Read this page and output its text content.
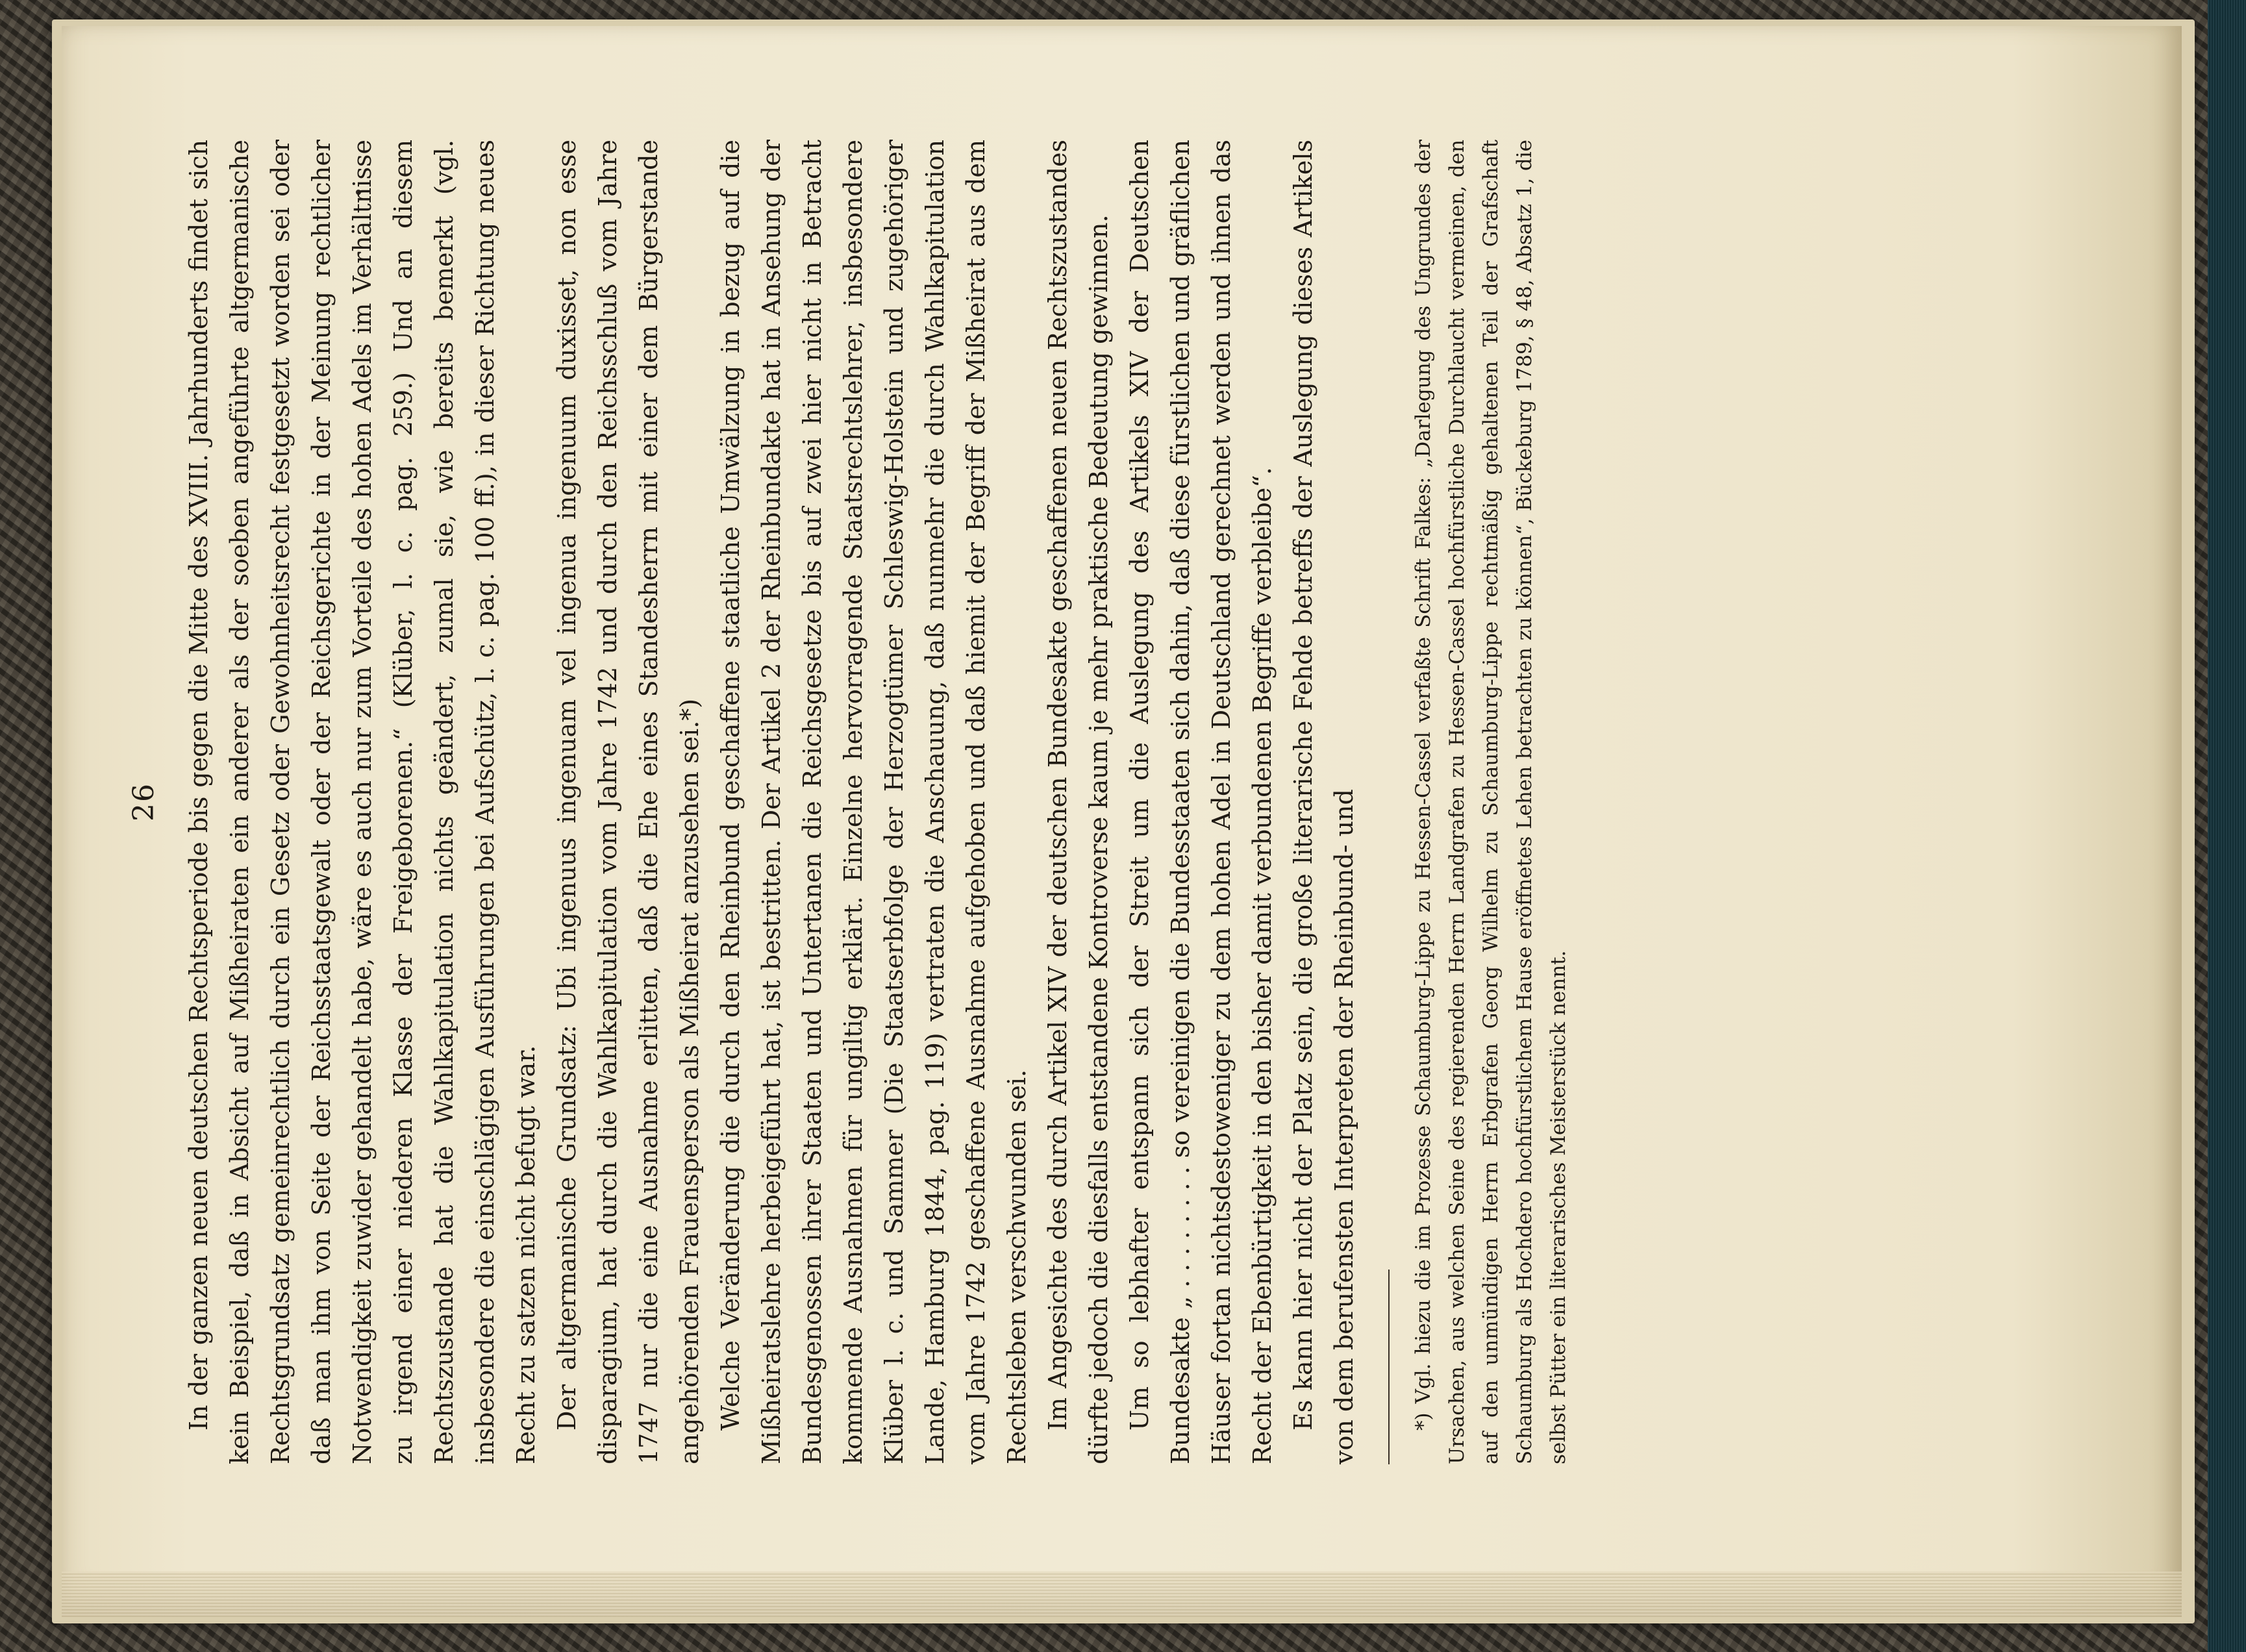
26 In der ganzen neuen deutschen Rechtsperiode bis gegen die Mitte des XVIII. Jahrhunderts findet sich kein Beispiel, daß in Absicht auf Mißheiraten ein anderer als der soeben angeführte altgermanische Rechtsgrundsatz gemeinrechtlich durch ein Gesetz oder Gewohnheitsrecht festgesetzt worden sei oder daß man ihm von Seite der Reichsstaatsgewalt oder der Reichsgerichte in der Meinung rechtlicher Notwendigkeit zuwider gehandelt habe, wäre es auch nur zum Vorteile des hohen Adels im Verhältnisse zu irgend einer niederen Klasse der Freigeborenen.“ (Klüber, l. c. pag. 259.) Und an diesem Rechtszustande hat die Wahlkapitulation nichts geändert, zumal sie, wie bereits bemerkt (vgl. insbesondere die einschlägigen Ausführungen bei Aufschütz, l. c. pag. 100 ff.), in dieser Richtung neues Recht zu satzen nicht befugt war. Der altgermanische Grundsatz: Ubi ingenuus ingenuam vel ingenua ingenuum duxisset, non esse disparagium, hat durch die Wahlkapitulation vom Jahre 1742 und durch den Reichsschluß vom Jahre 1747 nur die eine Ausnahme erlitten, daß die Ehe eines Standesherrn mit einer dem Bürgerstande angehörenden Frauensperson als Mißheirat anzusehen sei.*) Welche Veränderung die durch den Rheinbund geschaffene staatliche Umwälzung in bezug auf die Mißheiratslehre herbeigeführt hat, ist bestritten. Der Artikel 2 der Rheinbundakte hat in Ansehung der Bundesgenossen ihrer Staaten und Untertanen die Reichsgesetze bis auf zwei hier nicht in Betracht kommende Ausnahmen für ungiltig erklärt. Einzelne hervorragende Staatsrechtslehrer, insbesondere Klüber l. c. und Sammer (Die Staatserbfolge der Herzogtümer Schleswig-Holstein und zugehöriger Lande, Hamburg 1844, pag. 119) vertraten die Anschauung, daß nunmehr die durch Wahlkapitulation vom Jahre 1742 geschaffene Ausnahme aufgehoben und daß hiemit der Begriff der Mißheirat aus dem Rechtsleben verschwunden sei. Im Angesichte des durch Artikel XIV der deutschen Bundesakte geschaffenen neuen Rechtszustandes dürfte jedoch die diesfalls entstandene Kontroverse kaum je mehr praktische Bedeutung gewinnen. Um so lebhafter entspann sich der Streit um die Auslegung des Artikels XIV der Deutschen Bundesakte „ . . . . . . . . so vereinigen die Bundesstaaten sich dahin, daß diese fürstlichen und gräflichen Häuser fortan nichtsdestoweniger zu dem hohen Adel in Deutschland gerechnet werden und ihnen das Recht der Ebenbürtigkeit in den bisher damit verbundenen Begriffe verbleibe“. Es kann hier nicht der Platz sein, die große literarische Fehde betreffs der Auslegung dieses Artikels von dem berufensten Interpreten der Rheinbund- und	*) Vgl. hiezu die im Prozesse Schaumburg-Lippe zu Hessen-Cassel verfaßte Schrift Falkes: „Darlegung des Ungrundes der Ursachen, aus welchen Seine des regierenden Herrn Landgrafen zu Hessen-Cassel hochfürstliche Durchlaucht vermeinen, den auf den unmündigen Herrn Erbgrafen Georg Wilhelm zu Schaumburg-Lippe rechtmäßig gehaltenen Teil der Grafschaft Schaumburg als Hochdero hochfürstlichem Hause eröffnetes Lehen betrachten zu können“, Bückeburg 1789, § 48, Absatz 1, die selbst Pütter ein literarisches Meisterstück nennt.
